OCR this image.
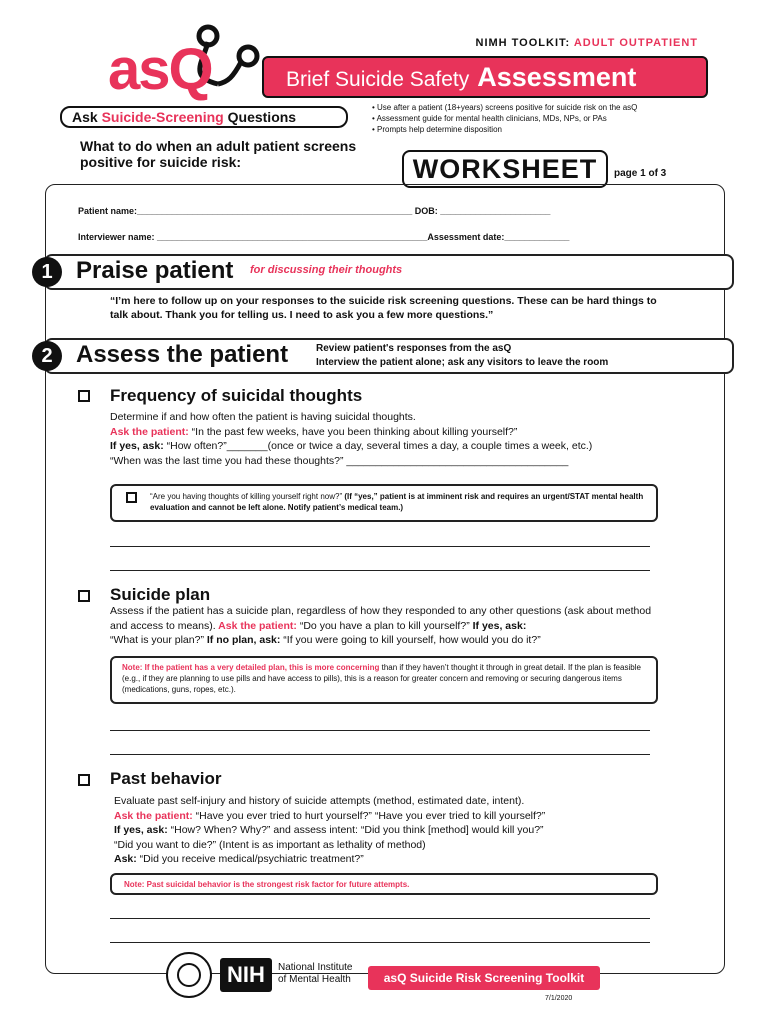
NIMH TOOLKIT: ADULT OUTPATIENT
asQ
Ask Suicide-Screening Questions
Brief Suicide Safety Assessment
• Use after a patient (18+years) screens positive for suicide risk on the asQ
• Assessment guide for mental health clinicians, MDs, NPs, or PAs
• Prompts help determine disposition
What to do when an adult patient screens positive for suicide risk:	WORKSHEET	page 1 of 3
Patient name:_______________________________________________________ DOB: ______________________
Interviewer name: ______________________________________________________Assessment date:_____________
1 Praise patient for discussing their thoughts
“I’m here to follow up on your responses to the suicide risk screening questions. These can be hard things to talk about. Thank you for telling us. I need to ask you a few more questions.”
2 Assess the patient	Review patient's responses from the asQ
Interview the patient alone; ask any visitors to leave the room
Frequency of suicidal thoughts
Determine if and how often the patient is having suicidal thoughts.
Ask the patient: “In the past few weeks, have you been thinking about killing yourself?”
If yes, ask: “How often?”_______(once or twice a day, several times a day, a couple times a week, etc.)
“When was the last time you had these thoughts?” ______________________________________
“Are you having thoughts of killing yourself right now?” (If “yes,” patient is at imminent risk and requires an urgent/STAT mental health evaluation and cannot be left alone. Notify patient’s medical team.)
Suicide plan
Assess if the patient has a suicide plan, regardless of how they responded to any other questions (ask about method and access to means). Ask the patient: “Do you have a plan to kill yourself?” If yes, ask:
“What is your plan?” If no plan, ask: “If you were going to kill yourself, how would you do it?”
Note: If the patient has a very detailed plan, this is more concerning than if they haven’t thought it through in great detail. If the plan is feasible (e.g., if they are planning to use pills and have access to pills), this is a reason for greater concern and removing or securing dangerous items (medications, guns, ropes, etc.).
Past behavior
Evaluate past self-injury and history of suicide attempts (method, estimated date, intent).
Ask the patient: “Have you ever tried to hurt yourself?” “Have you ever tried to kill yourself?”
If yes, ask: “How? When? Why?” and assess intent: “Did you think [method] would kill you?”
“Did you want to die?” (Intent is as important as lethality of method)
Ask: “Did you receive medical/psychiatric treatment?”
Note: Past suicidal behavior is the strongest risk factor for future attempts.
NIH	National Institute
of Mental Health	asQ Suicide Risk Screening Toolkit
7/1/2020
